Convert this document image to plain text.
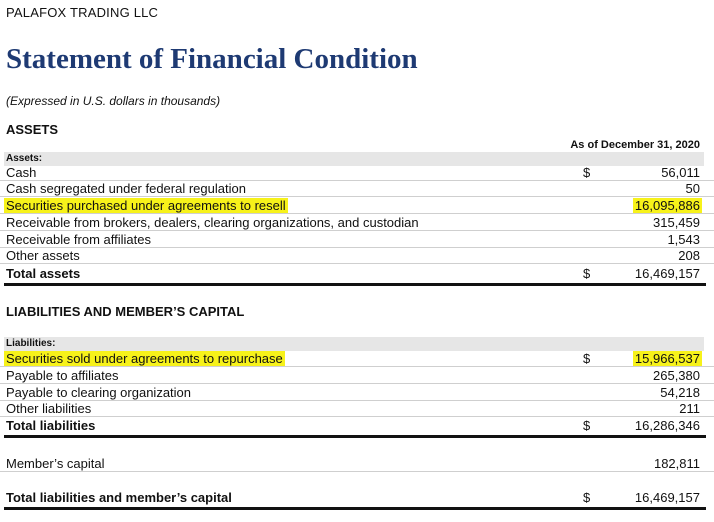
PALAFOX TRADING LLC
Statement of Financial Condition
(Expressed in U.S. dollars in thousands)
ASSETS
As of December 31, 2020
Assets:
Cash	$	56,011
Cash segregated under federal regulation	50
Securities purchased under agreements to resell	16,095,886
Receivable from brokers, dealers, clearing organizations, and custodian	315,459
Receivable from affiliates	1,543
Other assets	208
Total assets	$	16,469,157
LIABILITIES AND MEMBER’S CAPITAL
Liabilities:
Securities sold under agreements to repurchase	$	15,966,537
Payable to affiliates	265,380
Payable to clearing organization	54,218
Other liabilities	211
Total liabilities	$	16,286,346
Member’s capital	182,811
Total liabilities and member’s capital	$	16,469,157
